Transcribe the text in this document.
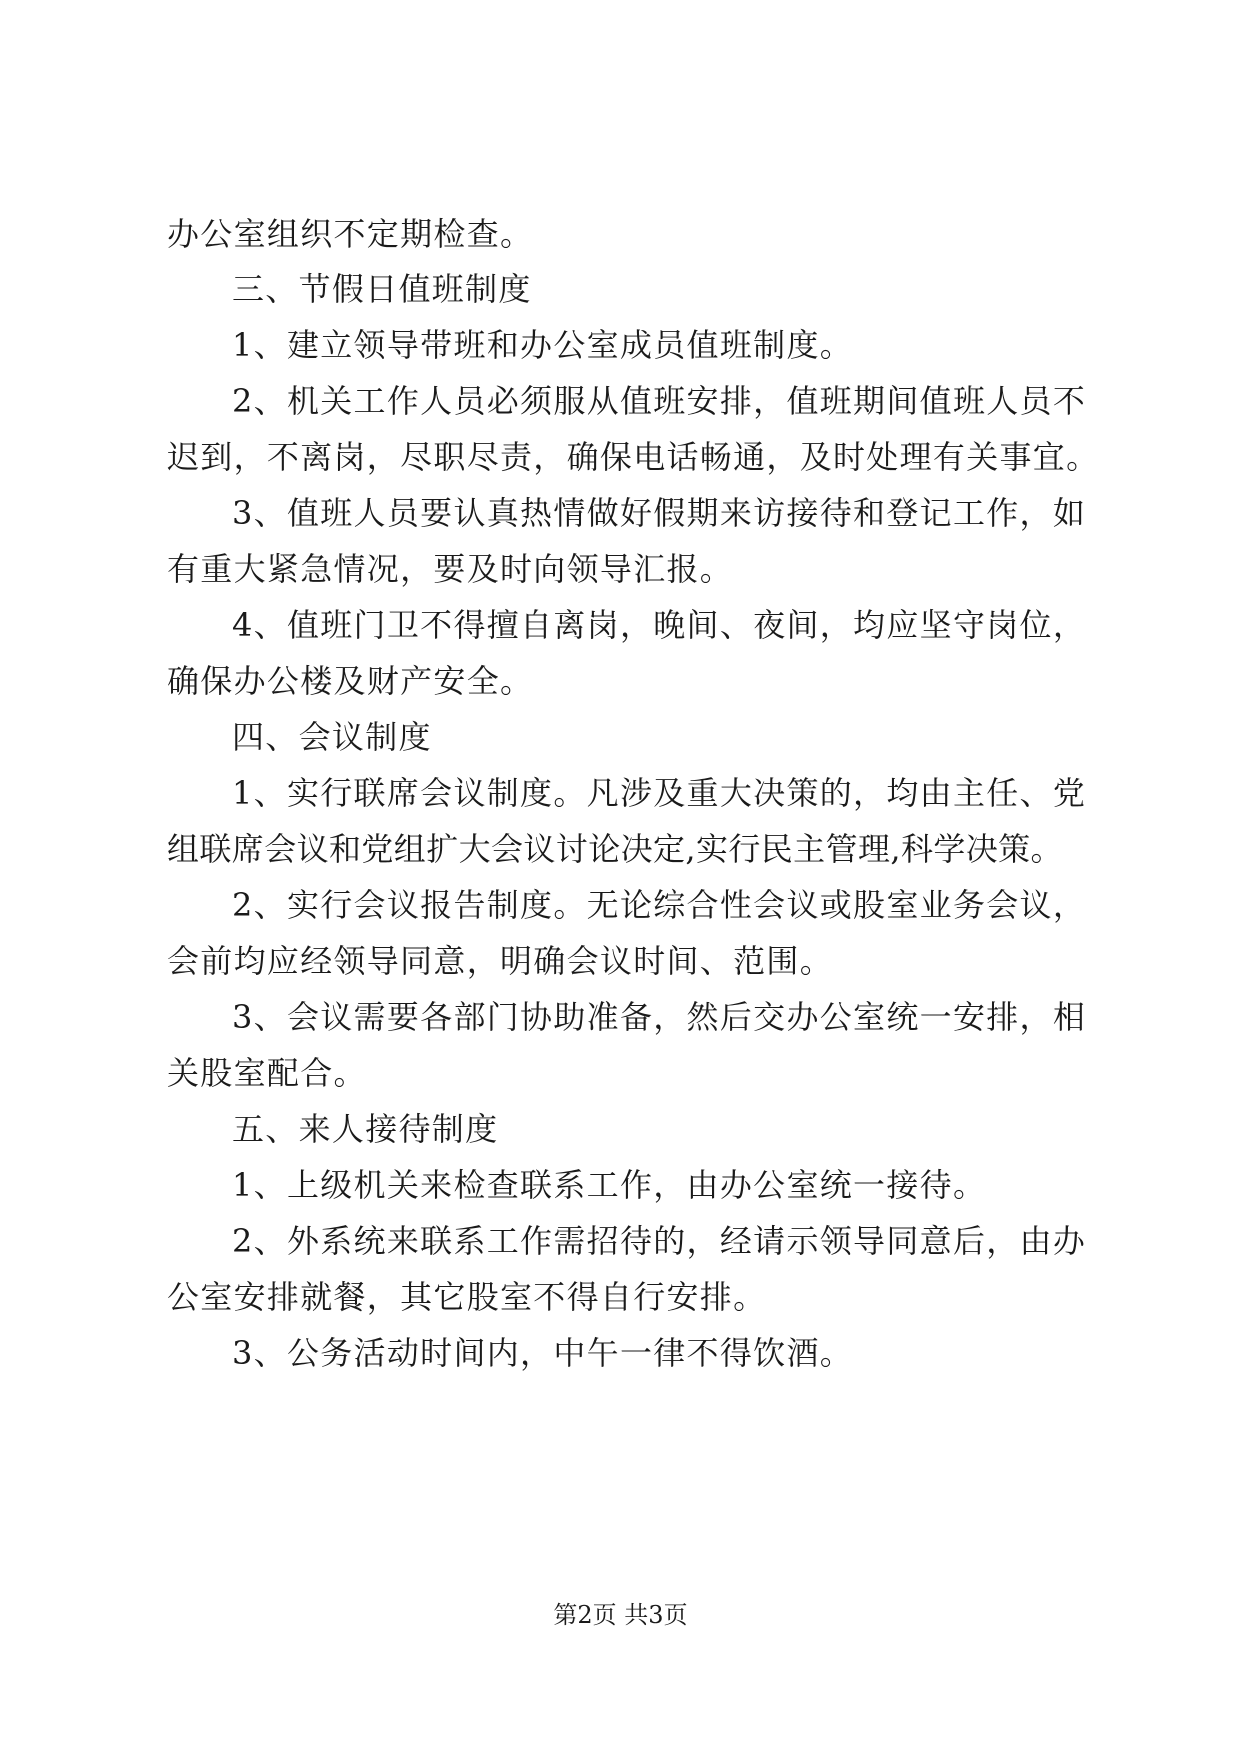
办公室组织不定期检查。
三、节假日值班制度
1、建立领导带班和办公室成员值班制度。
2、机关工作人员必须服从值班安排，值班期间值班人员不
迟到，不离岗，尽职尽责，确保电话畅通，及时处理有关事宜。
3、值班人员要认真热情做好假期来访接待和登记工作，如
有重大紧急情况，要及时向领导汇报。
4、值班门卫不得擅自离岗，晚间、夜间，均应坚守岗位，
确保办公楼及财产安全。
四、会议制度
1、实行联席会议制度。凡涉及重大决策的，均由主任、党
组联席会议和党组扩大会议讨论决定,实行民主管理,科学决策。
2、实行会议报告制度。无论综合性会议或股室业务会议，
会前均应经领导同意，明确会议时间、范围。
3、会议需要各部门协助准备，然后交办公室统一安排，相
关股室配合。
五、来人接待制度
1、上级机关来检查联系工作，由办公室统一接待。
2、外系统来联系工作需招待的，经请示领导同意后，由办
公室安排就餐，其它股室不得自行安排。
3、公务活动时间内，中午一律不得饮酒。
第2页 共3页
